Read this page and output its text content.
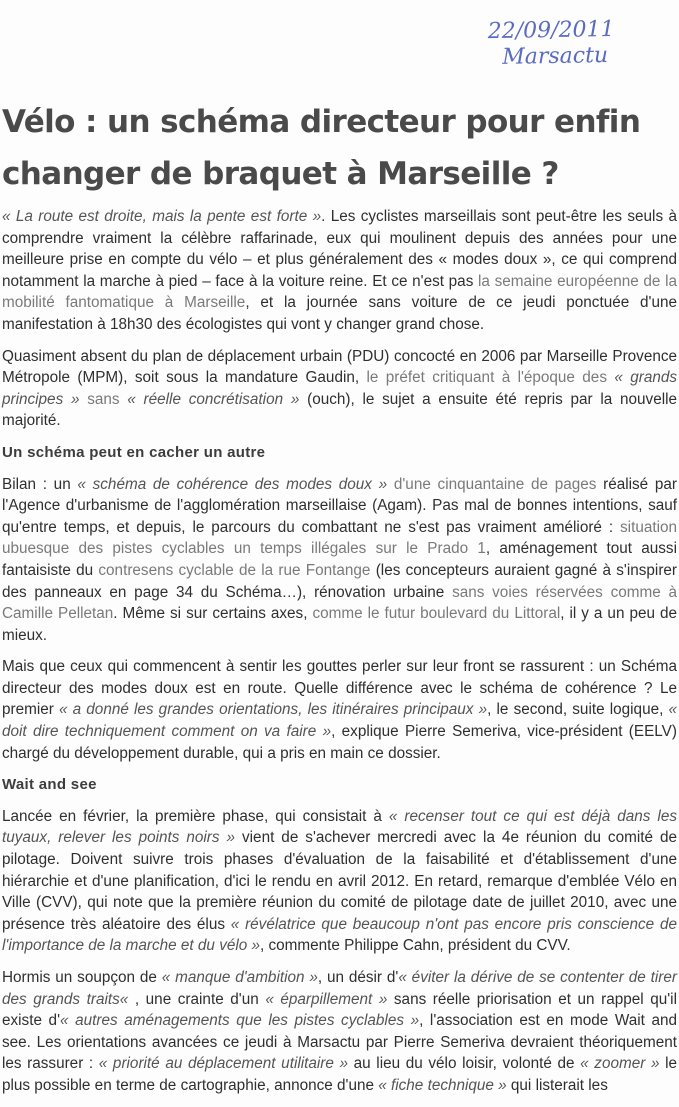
22/09/2011
Marsactu
Vélo : un schéma directeur pour enfin changer de braquet à Marseille ?

« La route est droite, mais la pente est forte ». Les cyclistes marseillais sont peut-être les seuls à comprendre vraiment la célèbre raffarinade, eux qui moulinent depuis des années pour une meilleure prise en compte du vélo – et plus généralement des « modes doux », ce qui comprend notamment la marche à pied – face à la voiture reine. Et ce n'est pas la semaine européenne de la mobilité fantomatique à Marseille, et la journée sans voiture de ce jeudi ponctuée d'une manifestation à 18h30 des écologistes qui vont y changer grand chose.

Quasiment absent du plan de déplacement urbain (PDU) concocté en 2006 par Marseille Provence Métropole (MPM), soit sous la mandature Gaudin, le préfet critiquant à l'époque des « grands principes » sans « réelle concrétisation » (ouch), le sujet a ensuite été repris par la nouvelle majorité.

Un schéma peut en cacher un autre

Bilan : un « schéma de cohérence des modes doux » d'une cinquantaine de pages réalisé par l'Agence d'urbanisme de l'agglomération marseillaise (Agam). Pas mal de bonnes intentions, sauf qu'entre temps, et depuis, le parcours du combattant ne s'est pas vraiment amélioré : situation ubuesque des pistes cyclables un temps illégales sur le Prado 1, aménagement tout aussi fantaisiste du contresens cyclable de la rue Fontange (les concepteurs auraient gagné à s'inspirer des panneaux en page 34 du Schéma…), rénovation urbaine sans voies réservées comme à Camille Pelletan. Même si sur certains axes, comme le futur boulevard du Littoral, il y a un peu de mieux.

Mais que ceux qui commencent à sentir les gouttes perler sur leur front se rassurent : un Schéma directeur des modes doux est en route. Quelle différence avec le schéma de cohérence ? Le premier « a donné les grandes orientations, les itinéraires principaux », le second, suite logique, « doit dire techniquement comment on va faire », explique Pierre Semeriva, vice-président (EELV) chargé du développement durable, qui a pris en main ce dossier.

Wait and see

Lancée en février, la première phase, qui consistait à « recenser tout ce qui est déjà dans les tuyaux, relever les points noirs » vient de s'achever mercredi avec la 4e réunion du comité de pilotage. Doivent suivre trois phases d'évaluation de la faisabilité et d'établissement d'une hiérarchie et d'une planification, d'ici le rendu en avril 2012. En retard, remarque d'emblée Vélo en Ville (CVV), qui note que la première réunion du comité de pilotage date de juillet 2010, avec une présence très aléatoire des élus « révélatrice que beaucoup n'ont pas encore pris conscience de l'importance de la marche et du vélo », commente Philippe Cahn, président du CVV.

Hormis un soupçon de « manque d'ambition », un désir d'« éviter la dérive de se contenter de tirer des grands traits« , une crainte d'un « éparpillement » sans réelle priorisation et un rappel qu'il existe d'« autres aménagements que les pistes cyclables », l'association est en mode Wait and see. Les orientations avancées ce jeudi à Marsactu par Pierre Semeriva devraient théoriquement les rassurer : « priorité au déplacement utilitaire » au lieu du vélo loisir, volonté de « zoomer » le plus possible en terme de cartographie, annonce d'une « fiche technique » qui listerait les
